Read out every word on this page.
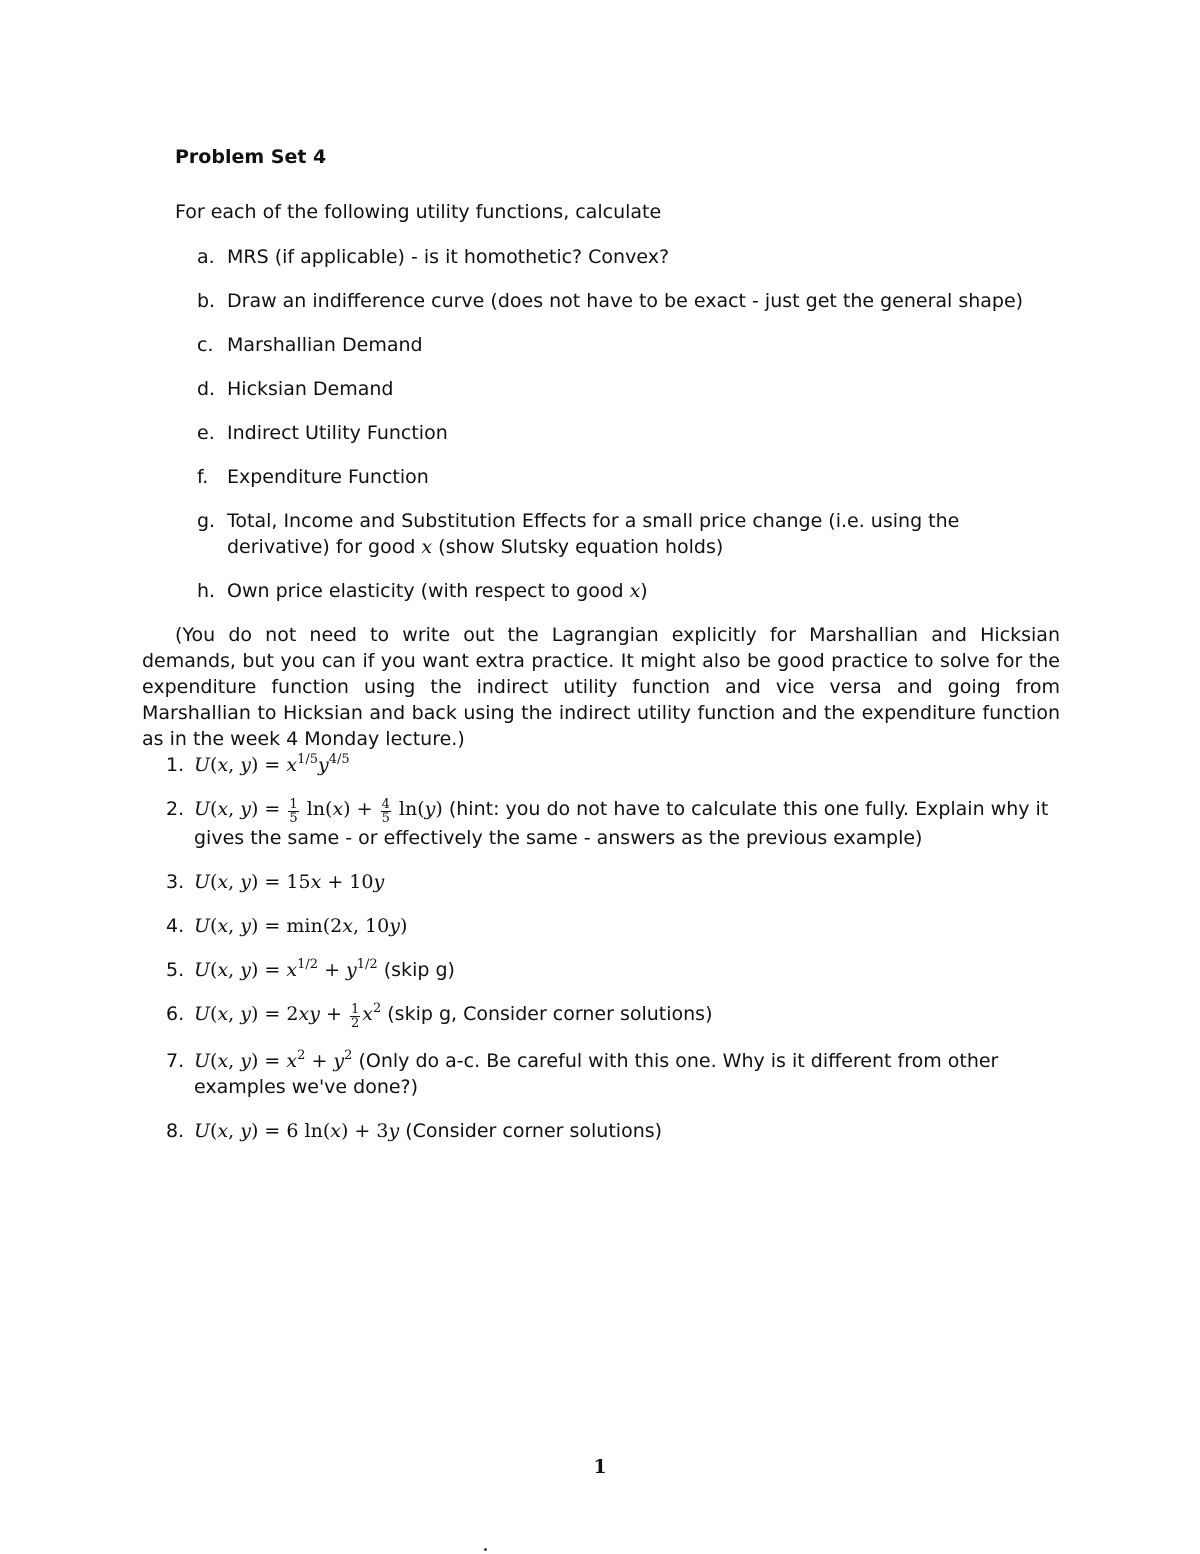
Problem Set 4

For each of the following utility functions, calculate

a. MRS (if applicable) - is it homothetic? Convex?
b. Draw an indifference curve (does not have to be exact - just get the general shape)
c. Marshallian Demand
d. Hicksian Demand
e. Indirect Utility Function
f. Expenditure Function
g. Total, Income and Substitution Effects for a small price change (i.e. using the derivative) for good x (show Slutsky equation holds)
h. Own price elasticity (with respect to good x)

(You do not need to write out the Lagrangian explicitly for Marshallian and Hicksian demands, but you can if you want extra practice. It might also be good practice to solve for the expenditure function using the indirect utility function and vice versa and going from Marshallian to Hicksian and back using the indirect utility function and the expenditure function as in the week 4 Monday lecture.)

1. U(x, $y) = x^{1/5}y^{4/5}$
2. U(x, $y) = \frac{1}{5} \ln(x) + \frac{4}{5} \ln(y)$ (hint: you do not have to calculate this one fully. Explain why it gives the same - or effectively the same - answers as the previous example)
3. U(x, y) = 15x + 10y
4. U(x, y) = min(2x, 10y)
5. U(x, $y) = x^{1/2} + y^{1/2}$ (skip g)
6. U(x, $y) = 2xy + \frac{1}{2} x^2$ (skip g, Consider corner solutions)
7. U(x, $y) = x^2 + y^2$ (Only do a-c. Be careful with this one. Why is it different from other examples we've done?)
8. U(x, y) = 6 ln(x) + 3y (Consider corner solutions)
1
